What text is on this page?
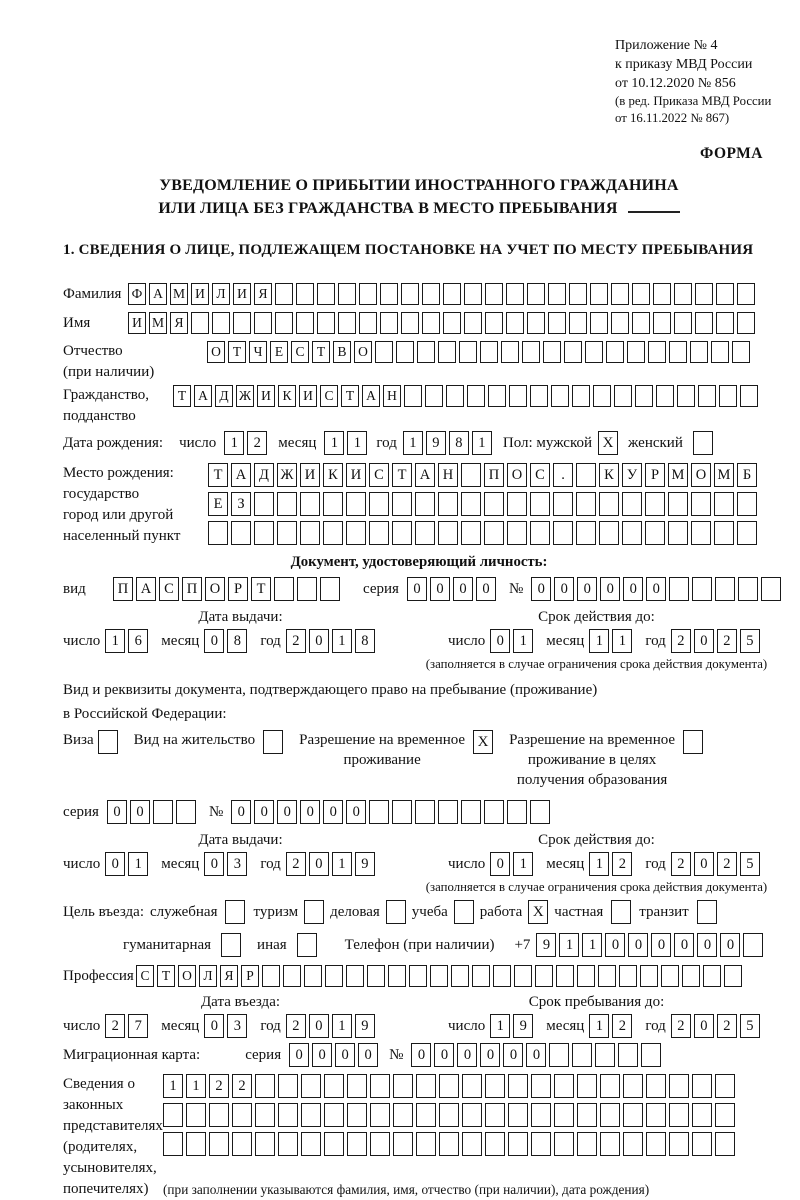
Приложение № 4
к приказу МВД России
от 10.12.2020 № 856
(в ред. Приказа МВД России
от 16.11.2022 № 867)
ФОРМА
УВЕДОМЛЕНИЕ О ПРИБЫТИИ ИНОСТРАННОГО ГРАЖДАНИНА
ИЛИ ЛИЦА БЕЗ ГРАЖДАНСТВА В МЕСТО ПРЕБЫВАНИЯ
1. СВЕДЕНИЯ О ЛИЦЕ, ПОДЛЕЖАЩЕМ ПОСТАНОВКЕ НА УЧЕТ ПО МЕСТУ ПРЕБЫВАНИЯ
Фамилия Ф А М И Л И Я
Имя	И М Я
Отчество
(при наличии)
О Т Ч Е С Т В О
Гражданство,
подданство
Т А Д Ж И К И С Т А Н
Дата рождения: число 1	2	месяц 1	1	год 1	9	8	1	Пол: мужской X женский
Место рождения:
государство
город или другой
населенный пункт
Т А Д Ж И К И С Т А Н	П О С	.	К У Р М О М Б
Е	З
Документ, удостоверяющий личность:
вид	П А С П О Р	Т	серия 0	0	0	0	№ 0	0	0	0	0	0
Дата выдачи:
число 1	6	месяц 0	8	год 2	0	1	8
Срок действия до:
число 0	1	месяц 1	1	год 2	0	2	5
(заполняется в случае ограничения срока действия документа)
Вид и реквизиты документа, подтверждающего право на пребывание (проживание)
в Российской Федерации:
Виза	Вид на жительство	Разрешение на временное
проживание
X	Разрешение на временное
проживание в целях
получения образования
серия 0	0	№ 0	0	0	0	0	0
Дата выдачи:
число 0	1	месяц 0	3	год 2	0	1	9
Срок действия до:
число 0	1	месяц 1	2	год 2	0	2	5
(заполняется в случае ограничения срока действия документа)
Цель въезда: служебная туризм деловая учеба работа X частная транзит
гуманитарная	иная	Телефон (при наличии) +7 9	1	1	0	0	0	0	0	0
Профессия С Т О Л Я Р
Дата въезда:
число 2	7	месяц 0	3	год 2	0	1	9
Срок пребывания до:
число 1	9	месяц 1	2	год 2	0	2	5
Миграционная карта:	серия 0	0	0	0	№ 0	0	0	0	0	0
Сведения о
законных
представителях
(родителях,
усыновителях,
попечителях)
1	1	2	2
(при заполнении указываются фамилия, имя, отчество (при наличии), дата рождения)
